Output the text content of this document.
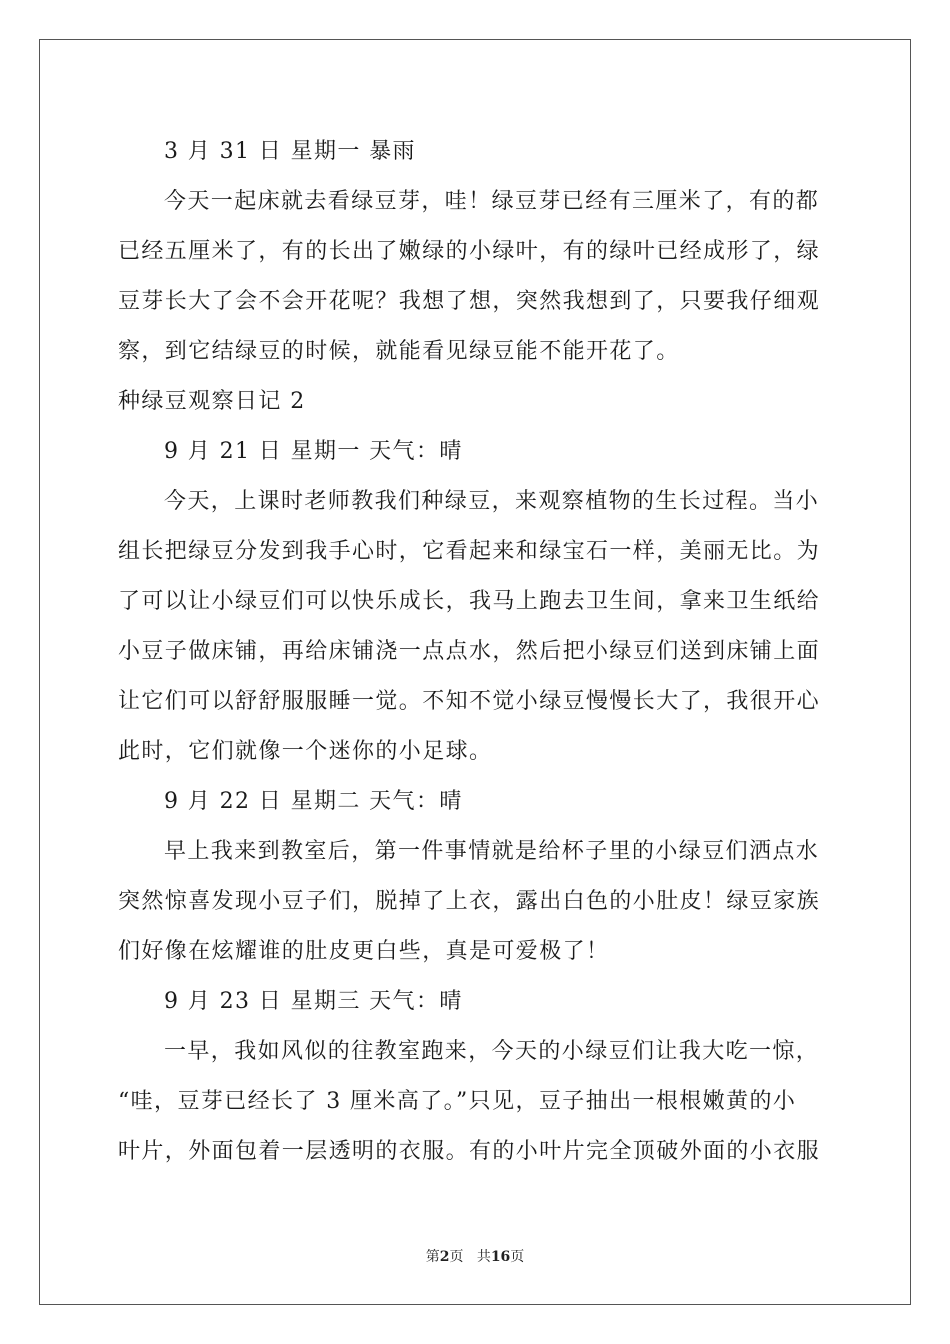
3 月 31 日 星期一 暴雨
今天一起床就去看绿豆芽，哇！绿豆芽已经有三厘米了，有的都
已经五厘米了，有的长出了嫩绿的小绿叶，有的绿叶已经成形了，绿
豆芽长大了会不会开花呢？我想了想，突然我想到了，只要我仔细观
察，到它结绿豆的时候，就能看见绿豆能不能开花了。
种绿豆观察日记 2
9 月 21 日 星期一 天气：晴
今天，上课时老师教我们种绿豆，来观察植物的生长过程。当小
组长把绿豆分发到我手心时，它看起来和绿宝石一样，美丽无比。为
了可以让小绿豆们可以快乐成长，我马上跑去卫生间，拿来卫生纸给
小豆子做床铺，再给床铺浇一点点水，然后把小绿豆们送到床铺上面
让它们可以舒舒服服睡一觉。不知不觉小绿豆慢慢长大了，我很开心
此时，它们就像一个迷你的小足球。
9 月 22 日 星期二 天气：晴
早上我来到教室后，第一件事情就是给杯子里的小绿豆们洒点水
突然惊喜发现小豆子们，脱掉了上衣，露出白色的小肚皮！绿豆家族
们好像在炫耀谁的肚皮更白些，真是可爱极了！
9 月 23 日 星期三 天气：晴
一早，我如风似的往教室跑来，今天的小绿豆们让我大吃一惊，
“哇，豆芽已经长了 3 厘米高了。”只见，豆子抽出一根根嫩黄的小
叶片，外面包着一层透明的衣服。有的小叶片完全顶破外面的小衣服
第2页 共16页
